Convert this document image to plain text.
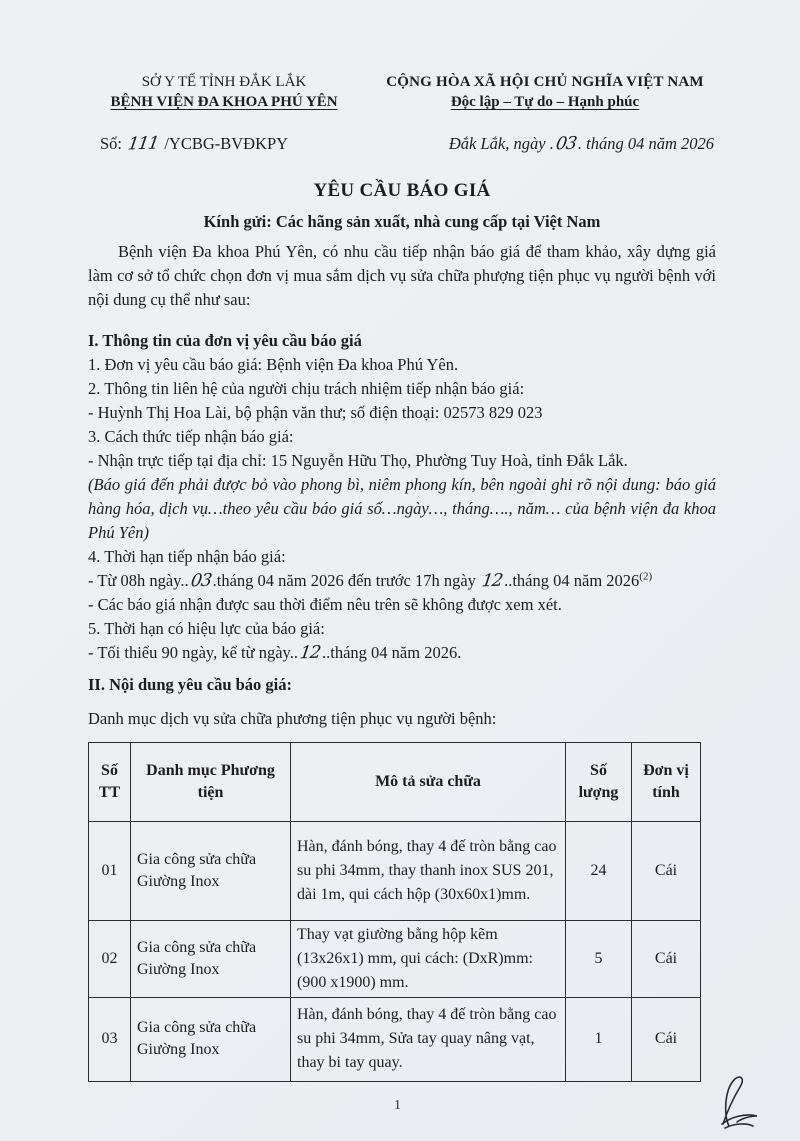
SỞ Y TẾ TỈNH ĐẮK LẮK
BỆNH VIỆN ĐA KHOA PHÚ YÊN
CỘNG HÒA XÃ HỘI CHỦ NGHĨA VIỆT NAM
Độc lập – Tự do – Hạnh phúc
Số: 111 /YCBG-BVĐKPY	Đắk Lắk, ngày .03. tháng 04 năm 2026
YÊU CẦU BÁO GIÁ
Kính gửi: Các hãng sản xuất, nhà cung cấp tại Việt Nam

Bệnh viện Đa khoa Phú Yên, có nhu cầu tiếp nhận báo giá để tham khảo, xây dựng giá làm cơ sở tổ chức chọn đơn vị mua sắm dịch vụ sửa chữa phượng tiện phục vụ người bệnh với nội dung cụ thể như sau:

I. Thông tin của đơn vị yêu cầu báo giá

1. Đơn vị yêu cầu báo giá: Bệnh viện Đa khoa Phú Yên.

2. Thông tin liên hệ của người chịu trách nhiệm tiếp nhận báo giá:

- Huỳnh Thị Hoa Lài, bộ phận văn thư; số điện thoại: 02573 829 023

3. Cách thức tiếp nhận báo giá:

- Nhận trực tiếp tại địa chỉ: 15 Nguyễn Hữu Thọ, Phường Tuy Hoà, tỉnh Đắk Lắk.

(Báo giá đến phải được bỏ vào phong bì, niêm phong kín, bên ngoài ghi rõ nội dung: báo giá hàng hóa, dịch vụ…theo yêu cầu báo giá số…ngày…, tháng…., năm… của bệnh viện đa khoa Phú Yên)

4. Thời hạn tiếp nhận báo giá:

- Từ 08h ngày..03.tháng 04 năm 2026 đến trước 17h ngày 12..tháng 04 năm 2026$^{(2)}$

- Các báo giá nhận được sau thời điểm nêu trên sẽ không được xem xét.

5. Thời hạn có hiệu lực của báo giá:

- Tối thiểu 90 ngày, kể từ ngày..12..tháng 04 năm 2026.

II. Nội dung yêu cầu báo giá:
Danh mục dịch vụ sửa chữa phương tiện phục vụ người bệnh:
Số TT	Danh mục Phương tiện	Mô tả sửa chữa	Số lượng	Đơn vị tính
01	Gia công sửa chữa Giường Inox	Hàn, đánh bóng, thay 4 đế tròn bằng cao su phi 34mm, thay thanh inox SUS 201, dài 1m, qui cách hộp (30x60x1)mm.	24	Cái
02	Gia công sửa chữa Giường Inox	Thay vạt giường bằng hộp kẽm (13x26x1) mm, qui cách: (DxR)mm:(900 x1900) mm.	5	Cái
03	Gia công sửa chữa Giường Inox	Hàn, đánh bóng, thay 4 đế tròn bằng cao su phi 34mm, Sửa tay quay nâng vạt, thay bi tay quay.	1	Cái
1
